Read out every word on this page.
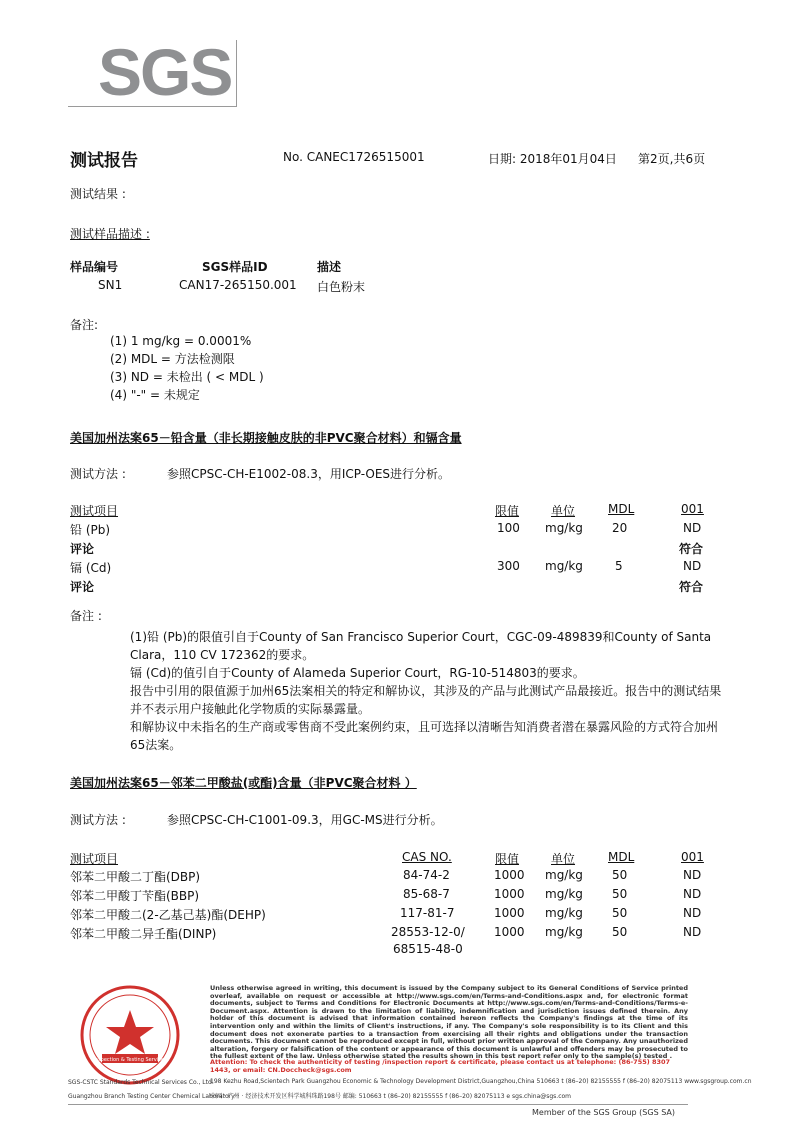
SGS
测试报告	No. CANEC1726515001	日期: 2018年01月04日 第2页,共6页
测试结果 :
测试样品描述 :
样品编号	SGS样品ID	描述
SN1	CAN17-265150.001 白色粉末
备注:
(1) 1 mg/kg = 0.0001%
(2) MDL = 方法检测限
(3) ND = 未检出 ( < MDL )
(4) "-" = 未规定
美国加州法案65－铅含量（非长期接触皮肤的非PVC聚合材料）和镉含量
测试方法 :	参照CPSC-CH-E1002-08.3，用ICP-OES进行分析。
测试项目	限值	单位	MDL	001
铅 (Pb)	100 mg/kg 20	ND
评论	符合
镉 (Cd)	300 mg/kg	5	ND
评论	符合
备注 :
(1)铅 (Pb)的限值引自于County of San Francisco Superior Court，CGC-09-489839和County of Santa Clara，110 CV 172362的要求。
镉 (Cd)的值引自于County of Alameda Superior Court，RG-10-514803的要求。
报告中引用的限值源于加州65法案相关的特定和解协议，其涉及的产品与此测试产品最接近。报告中的测试结果并不表示用户接触此化学物质的实际暴露量。
和解协议中未指名的生产商或零售商不受此案例约束，且可选择以清晰告知消费者潜在暴露风险的方式符合加州65法案。
美国加州法案65－邻苯二甲酸盐(或酯)含量（非PVC聚合材料 ）
测试方法 :	参照CPSC-CH-C1001-09.3，用GC-MS进行分析。
测试项目	CAS NO.	限值	单位	MDL	001
邻苯二甲酸二丁酯(DBP)	84-74-2	1000 mg/kg 50	ND
邻苯二甲酸丁苄酯(BBP)	85-68-7	1000 mg/kg 50	ND
邻苯二甲酸二(2-乙基己基)酯(DEHP)	117-81-7	1000 mg/kg 50	ND
邻苯二甲酸二异壬酯(DINP)	28553-12-0/
68515-48-0
1000 mg/kg 50	ND
Inspection & Testing Services
Unless otherwise agreed in writing, this document is issued by the Company subject to its General Conditions of Service printed overleaf, available on request or accessible at http://www.sgs.com/en/Terms-and-Conditions.aspx and, for electronic format documents, subject to Terms and Conditions for Electronic Documents at http://www.sgs.com/en/Terms-and-Conditions/Terms-e-Document.aspx. Attention is drawn to the limitation of liability, indemnification and jurisdiction issues defined therein. Any holder of this document is advised that information contained hereon reflects the Company's findings at the time of its intervention only and within the limits of Client's instructions, if any. The Company's sole responsibility is to its Client and this document does not exonerate parties to a transaction from exercising all their rights and obligations under the transaction documents. This document cannot be reproduced except in full, without prior written approval of the Company. Any unauthorized alteration, forgery or falsification of the content or appearance of this document is unlawful and offenders may be prosecuted to the fullest extent of the law. Unless otherwise stated the results shown in this test report refer only to the sample(s) tested .
Attention: To check the authenticity of testing /inspection report & certificate, please contact us at telephone: (86-755) 8307 1443, or email: CN.Doccheck@sgs.com
SGS-CSTC Standards Technical Services Co., Ltd.
Guangzhou Branch Testing Center Chemical Laboratory
198 Kezhu Road,Scientech Park Guangzhou Economic & Technology Development District,Guangzhou,China 510663 t (86–20) 82155555 f (86–20) 82075113 www.sgsgroup.com.cn
中国 · 广州 · 经济技术开发区科学城科珠路198号 邮编: 510663 t (86–20) 82155555 f (86–20) 82075113 e sgs.china@sgs.com
Member of the SGS Group (SGS SA)
